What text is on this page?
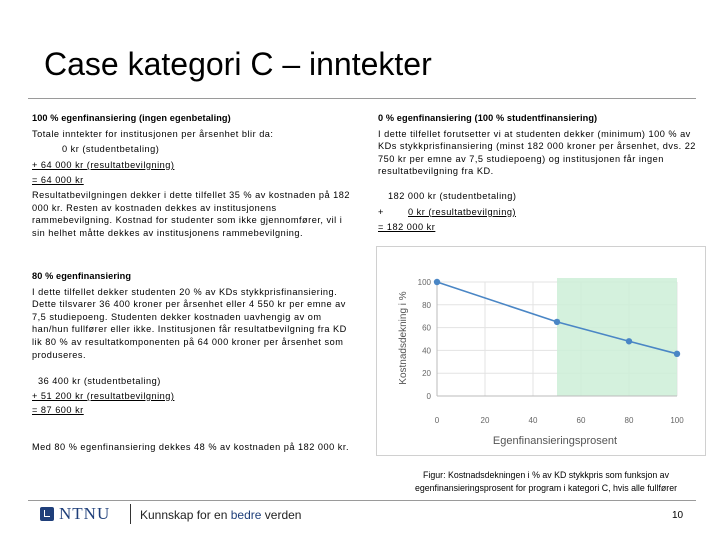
Case kategori C – inntekter

100 % egenfinansiering (ingen egenbetaling)

Totale inntekter for institusjonen per årsenhet blir da:

0 kr (studentbetaling)

+ 64 000 kr (resultatbevilgning)

= 64 000 kr

Resultatbevilgningen dekker i dette tilfellet 35 % av kostnaden på 182 000 kr. Resten av kostnaden dekkes av institusjonens rammebevilgning. Kostnad for studenter som ikke gjennomfører, vil i sin helhet måtte dekkes av institusjonens rammebevilgning.

0 % egenfinansiering (100 % studentfinansiering)

I dette tilfellet forutsetter vi at studenten dekker (minimum) 100 % av KDs stykkprisfinansiering (minst 182 000 kroner per årsenhet, dvs. 22 750 kr per emne av 7,5 studiepoeng) og institusjonen får ingen resultatbevilgning fra KD.

182 000 kr (studentbetaling)

+	0 kr (resultatbevilgning)

= 182 000 kr

80 % egenfinansiering

I dette tilfellet dekker studenten 20 % av KDs stykkprisfinansiering. Dette tilsvarer 36 400 kroner per årsenhet eller 4 550 kr per emne av 7,5 studiepoeng. Studenten dekker kostnaden uavhengig av om han/hun fullfører eller ikke. Institusjonen får resultatbevilgning fra KD lik 80 % av resultatkomponenten på 64 000 kroner per årsenhet som produseres.

36 400 kr (studentbetaling)

+ 51 200 kr (resultatbevilgning)

= 87 600 kr

Med 80 % egenfinansiering dekkes 48 % av kostnaden på 182 000 kr.
0	20	40	60	80	100
0
20
40
60
80
100
Egenfinansieringsprosent
Kostnadsdekning i %
Figur: Kostnadsdekningen i % av KD stykkpris som funksjon av egenfinansieringsprosent for program i kategori C, hvis alle fullfører
NTNU Kunnskap for en bedre verden	10
